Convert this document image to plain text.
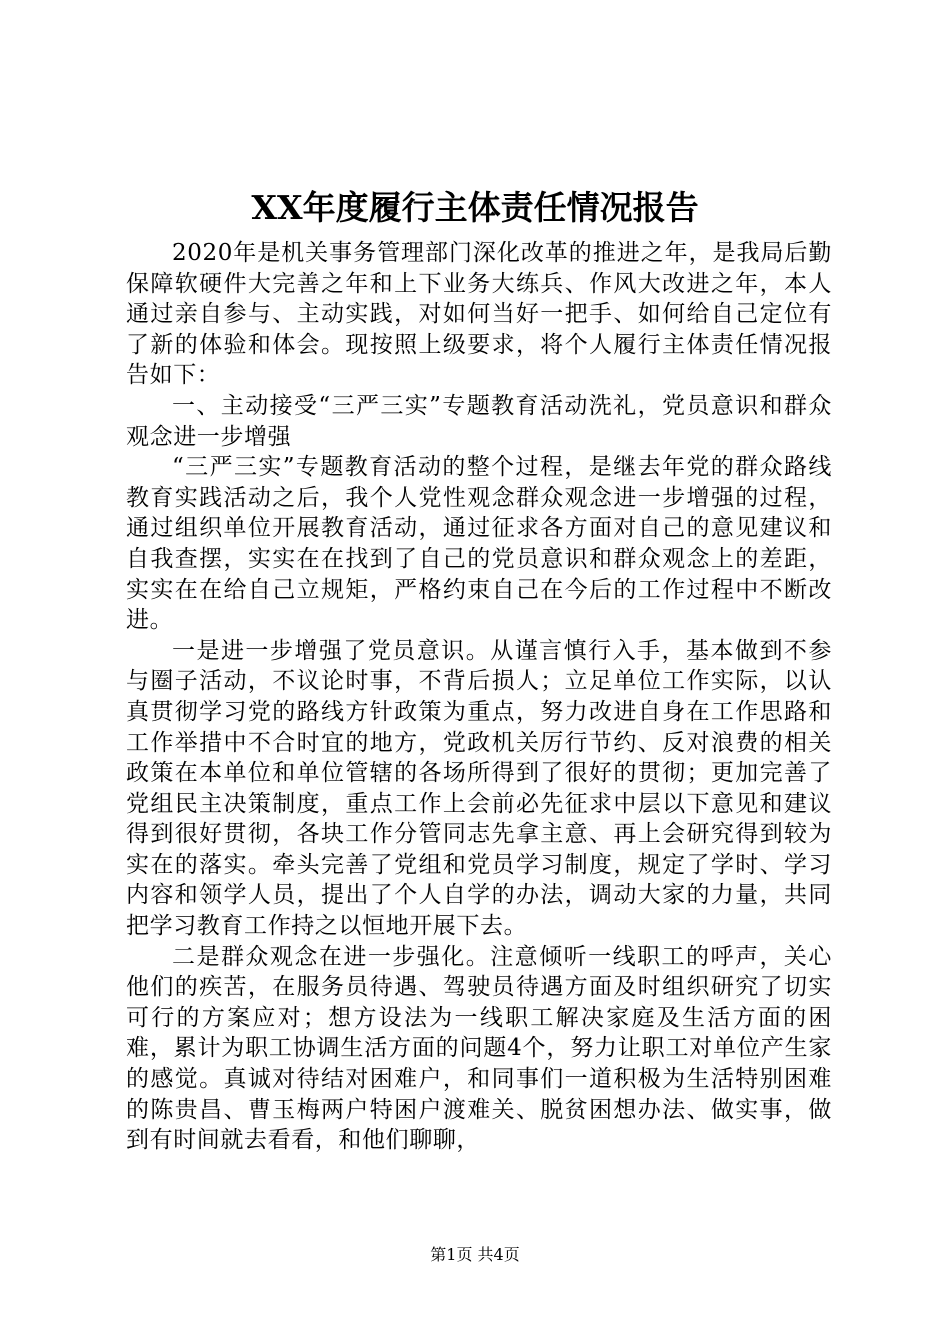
XX年度履行主体责任情况报告

2020年是机关事务管理部门深化改革的推进之年，是我局后勤保障软硬件大完善之年和上下业务大练兵、作风大改进之年，本人通过亲自参与、主动实践，对如何当好一把手、如何给自己定位有了新的体验和体会。现按照上级要求，将个人履行主体责任情况报告如下：

一、主动接受“三严三实”专题教育活动洗礼，党员意识和群众观念进一步增强

“三严三实”专题教育活动的整个过程，是继去年党的群众路线教育实践活动之后，我个人党性观念群众观念进一步增强的过程，通过组织单位开展教育活动，通过征求各方面对自己的意见建议和自我查摆，实实在在找到了自己的党员意识和群众观念上的差距，实实在在给自己立规矩，严格约束自己在今后的工作过程中不断改进。

一是进一步增强了党员意识。从谨言慎行入手，基本做到不参与圈子活动，不议论时事，不背后损人；立足单位工作实际，以认真贯彻学习党的路线方针政策为重点，努力改进自身在工作思路和工作举措中不合时宜的地方，党政机关厉行节约、反对浪费的相关政策在本单位和单位管辖的各场所得到了很好的贯彻；更加完善了党组民主决策制度，重点工作上会前必先征求中层以下意见和建议得到很好贯彻，各块工作分管同志先拿主意、再上会研究得到较为实在的落实。牵头完善了党组和党员学习制度，规定了学时、学习内容和领学人员，提出了个人自学的办法，调动大家的力量，共同把学习教育工作持之以恒地开展下去。

二是群众观念在进一步强化。注意倾听一线职工的呼声，关心他们的疾苦，在服务员待遇、驾驶员待遇方面及时组织研究了切实可行的方案应对；想方设法为一线职工解决家庭及生活方面的困难，累计为职工协调生活方面的问题4个，努力让职工对单位产生家的感觉。真诚对待结对困难户，和同事们一道积极为生活特别困难的陈贵昌、曹玉梅两户特困户渡难关、脱贫困想办法、做实事，做到有时间就去看看，和他们聊聊，

第1页 共4页
